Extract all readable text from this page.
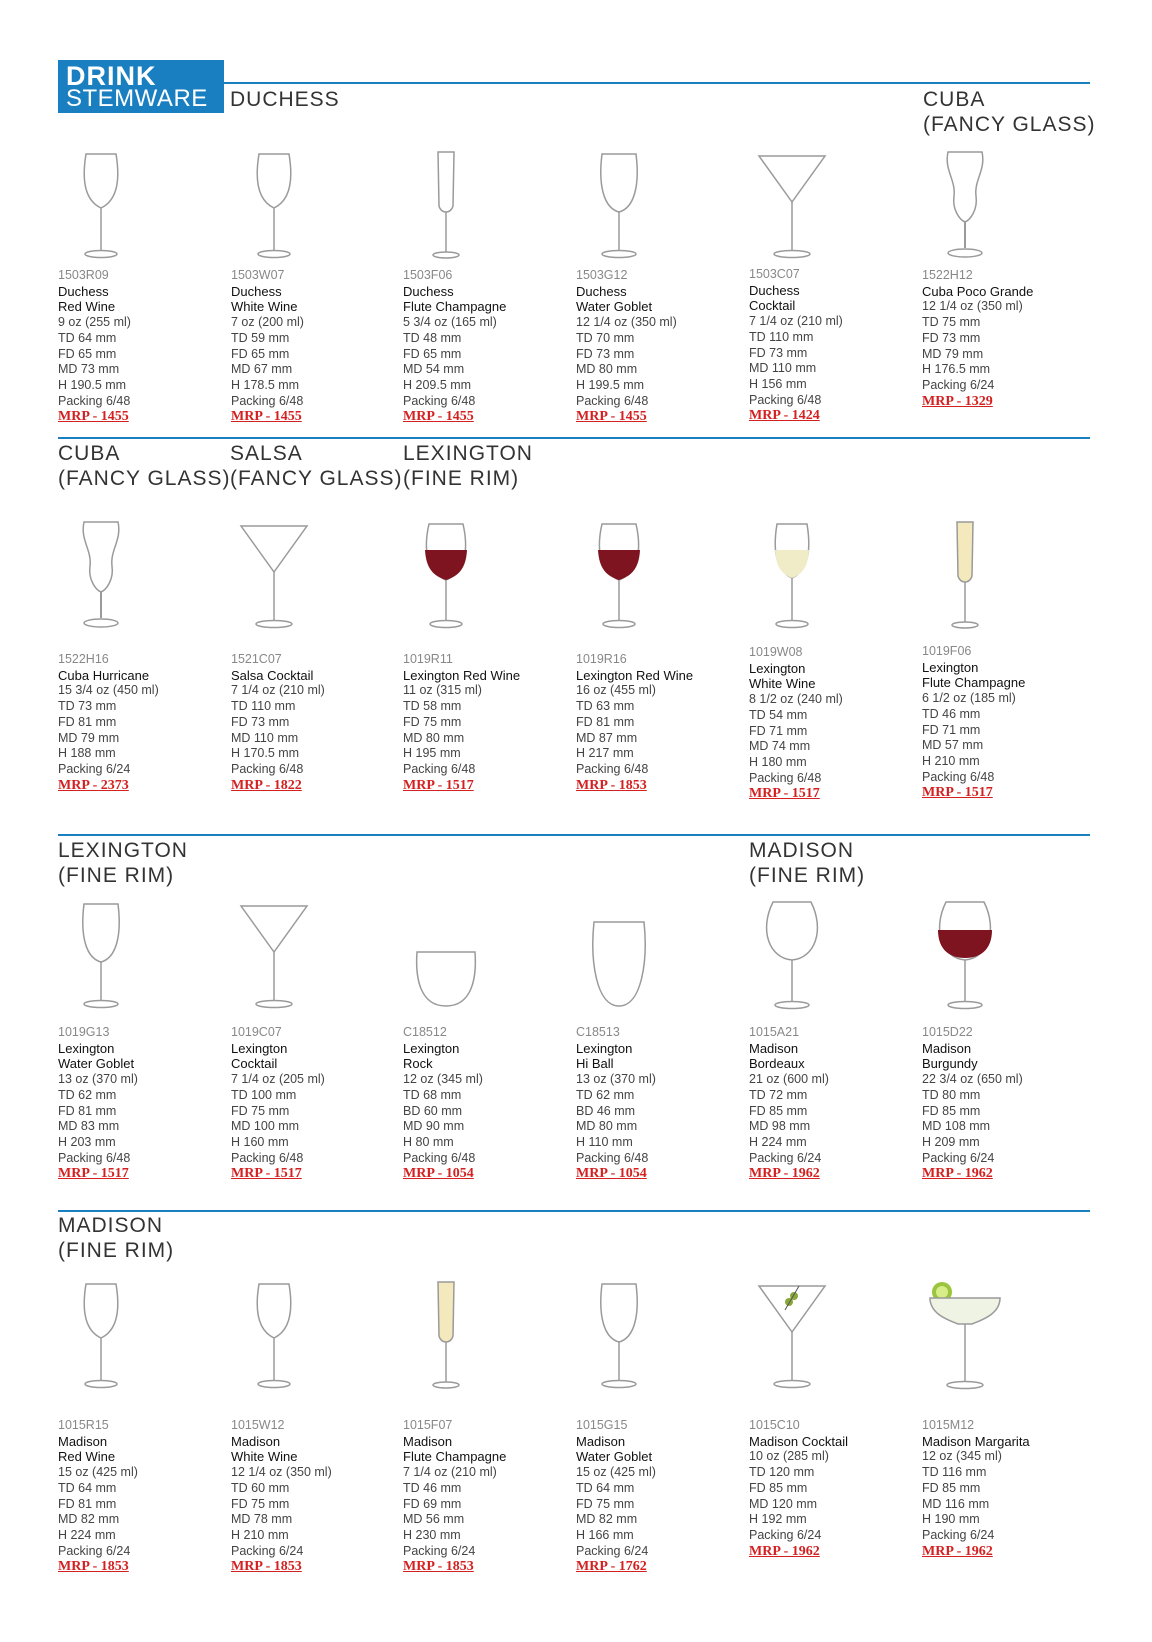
DRINK
STEMWARE DUCHESS	CUBA
(FANCY GLASS)
CUBA
(FANCY GLASS)
SALSA
(FANCY GLASS)
LEXINGTON
(FINE RIM)
LEXINGTON
(FINE RIM)
MADISON
(FINE RIM)
MADISON
(FINE RIM)
1503R09
Duchess
Red Wine
9 oz (255 ml)
TD 64 mm
FD 65 mm
MD 73 mm
H 190.5 mm
Packing 6/48
MRP - 1455
1503W07
Duchess
White Wine
7 oz (200 ml)
TD 59 mm
FD 65 mm
MD 67 mm
H 178.5 mm
Packing 6/48
MRP - 1455
1503F06
Duchess
Flute Champagne
5 3/4 oz (165 ml)
TD 48 mm
FD 65 mm
MD 54 mm
H 209.5 mm
Packing 6/48
MRP - 1455
1503G12
Duchess
Water Goblet
12 1/4 oz (350 ml)
TD 70 mm
FD 73 mm
MD 80 mm
H 199.5 mm
Packing 6/48
MRP - 1455
1503C07
Duchess
Cocktail
7 1/4 oz (210 ml)
TD 110 mm
FD 73 mm
MD 110 mm
H 156 mm
Packing 6/48
MRP - 1424
1522H12
Cuba Poco Grande
12 1/4 oz (350 ml)
TD 75 mm
FD 73 mm
MD 79 mm
H 176.5 mm
Packing 6/24
MRP - 1329
1522H16
Cuba Hurricane
15 3/4 oz (450 ml)
TD 73 mm
FD 81 mm
MD 79 mm
H 188 mm
Packing 6/24
MRP - 2373
1521C07
Salsa Cocktail
7 1/4 oz (210 ml)
TD 110 mm
FD 73 mm
MD 110 mm
H 170.5 mm
Packing 6/48
MRP - 1822
1019R11
Lexington Red Wine
11 oz (315 ml)
TD 58 mm
FD 75 mm
MD 80 mm
H 195 mm
Packing 6/48
MRP - 1517
1019R16
Lexington Red Wine
16 oz (455 ml)
TD 63 mm
FD 81 mm
MD 87 mm
H 217 mm
Packing 6/48
MRP - 1853
1019W08
Lexington
White Wine
8 1/2 oz (240 ml)
TD 54 mm
FD 71 mm
MD 74 mm
H 180 mm
Packing 6/48
MRP - 1517
1019F06
Lexington
Flute Champagne
6 1/2 oz (185 ml)
TD 46 mm
FD 71 mm
MD 57 mm
H 210 mm
Packing 6/48
MRP - 1517
1019G13
Lexington
Water Goblet
13 oz (370 ml)
TD 62 mm
FD 81 mm
MD 83 mm
H 203 mm
Packing 6/48
MRP - 1517
1019C07
Lexington
Cocktail
7 1/4 oz (205 ml)
TD 100 mm
FD 75 mm
MD 100 mm
H 160 mm
Packing 6/48
MRP - 1517
C18512
Lexington
Rock
12 oz (345 ml)
TD 68 mm
BD 60 mm
MD 90 mm
H 80 mm
Packing 6/48
MRP - 1054
C18513
Lexington
Hi Ball
13 oz (370 ml)
TD 62 mm
BD 46 mm
MD 80 mm
H 110 mm
Packing 6/48
MRP - 1054
1015A21
Madison
Bordeaux
21 oz (600 ml)
TD 72 mm
FD 85 mm
MD 98 mm
H 224 mm
Packing 6/24
MRP - 1962
1015D22
Madison
Burgundy
22 3/4 oz (650 ml)
TD 80 mm
FD 85 mm
MD 108 mm
H 209 mm
Packing 6/24
MRP - 1962
1015R15
Madison
Red Wine
15 oz (425 ml)
TD 64 mm
FD 81 mm
MD 82 mm
H 224 mm
Packing 6/24
MRP - 1853
1015W12
Madison
White Wine
12 1/4 oz (350 ml)
TD 60 mm
FD 75 mm
MD 78 mm
H 210 mm
Packing 6/24
MRP - 1853
1015F07
Madison
Flute Champagne
7 1/4 oz (210 ml)
TD 46 mm
FD 69 mm
MD 56 mm
H 230 mm
Packing 6/24
MRP - 1853
1015G15
Madison
Water Goblet
15 oz (425 ml)
TD 64 mm
FD 75 mm
MD 82 mm
H 166 mm
Packing 6/24
MRP - 1762
1015C10
Madison Cocktail
10 oz (285 ml)
TD 120 mm
FD 85 mm
MD 120 mm
H 192 mm
Packing 6/24
MRP - 1962
1015M12
Madison Margarita
12 oz (345 ml)
TD 116 mm
FD 85 mm
MD 116 mm
H 190 mm
Packing 6/24
MRP - 1962
